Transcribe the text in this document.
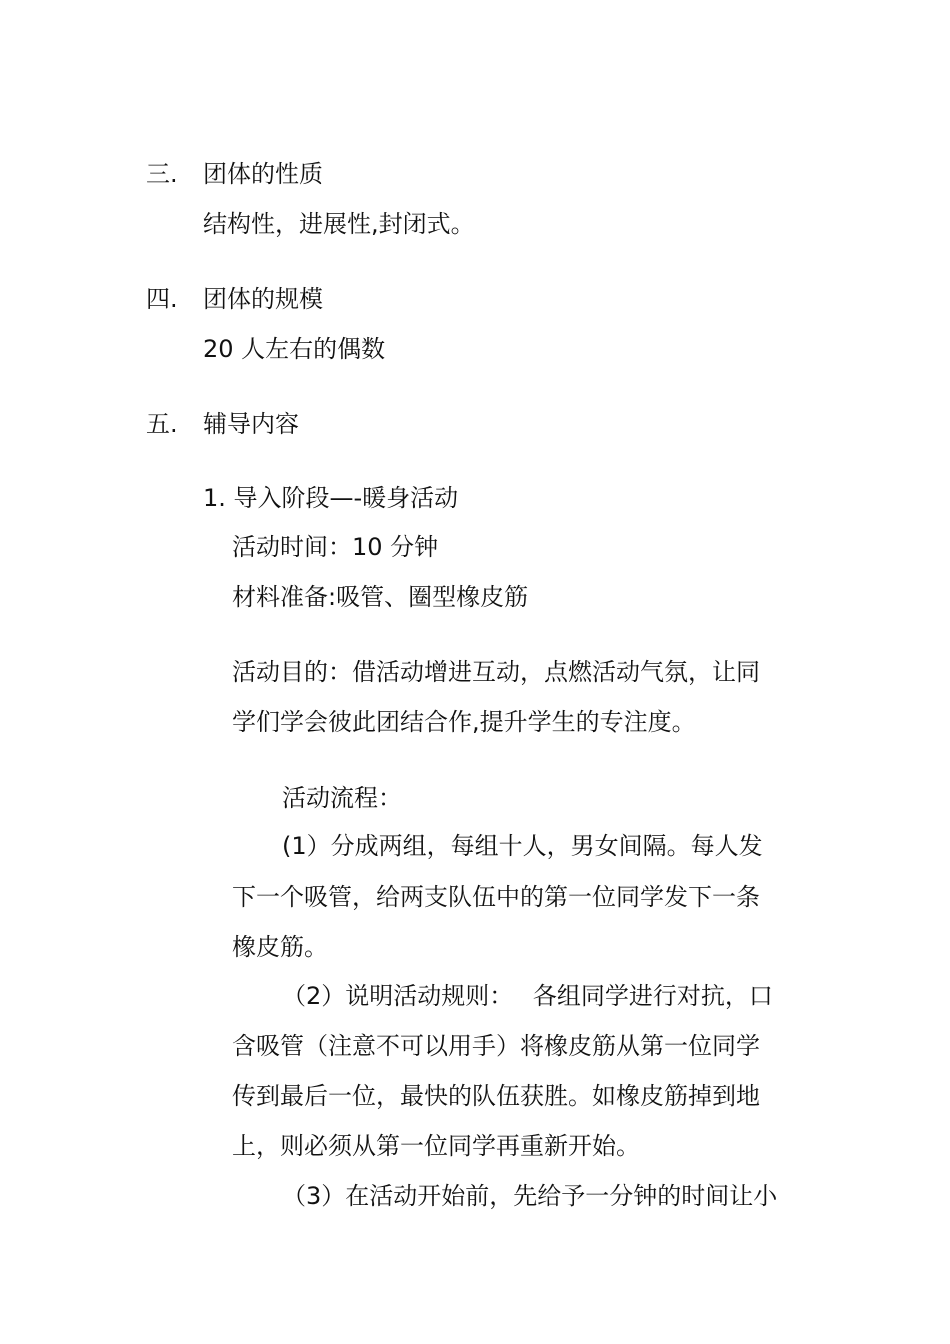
三. 团体的性质
结构性，进展性,封闭式。
四. 团体的规模
20 人左右的偶数
五. 辅导内容
1. 导入阶段—-暖身活动
活动时间：10 分钟
材料准备:吸管、圈型橡皮筋
活动目的：借活动增进互动，点燃活动气氛，让同
学们学会彼此团结合作,提升学生的专注度。
活动流程：
(1）分成两组，每组十人，男女间隔。每人发
下一个吸管，给两支队伍中的第一位同学发下一条
橡皮筋。
（2）说明活动规则：　 各组同学进行对抗，口
含吸管（注意不可以用手）将橡皮筋从第一位同学
传到最后一位，最快的队伍获胜。如橡皮筋掉到地
上，则必须从第一位同学再重新开始。
（3）在活动开始前，先给予一分钟的时间让小
